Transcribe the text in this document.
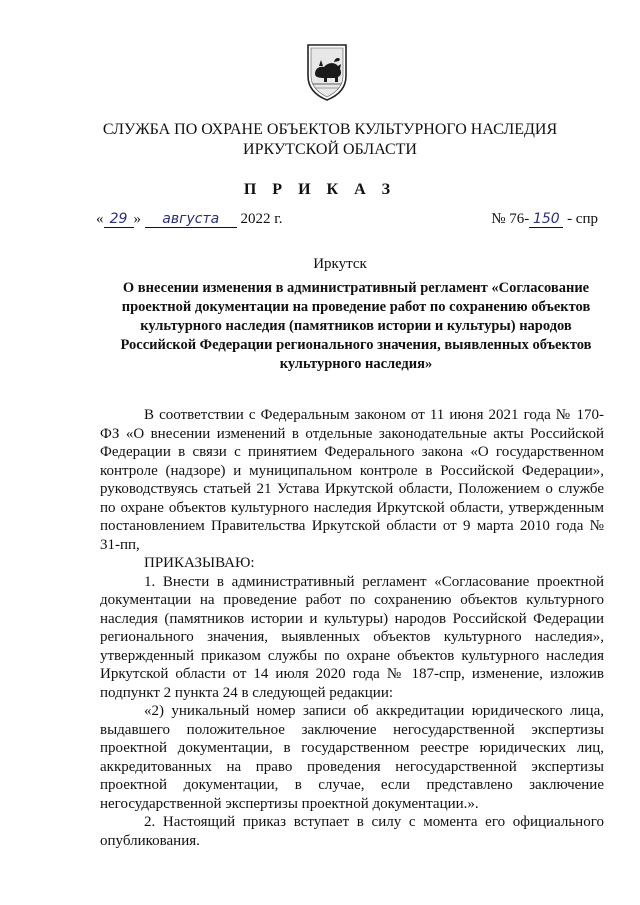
СЛУЖБА ПО ОХРАНЕ ОБЪЕКТОВ КУЛЬТУРНОГО НАСЛЕДИЯ
ИРКУТСКОЙ ОБЛАСТИ
П Р И К А З
« 29 » августа 2022 г.	№ 76- 150 - спр
Иркутск
О внесении изменения в административный регламент «Согласование проектной документации на проведение работ по сохранению объектов культурного наследия (памятников истории и культуры) народов Российской Федерации регионального значения, выявленных объектов культурного наследия»

В соответствии с Федеральным законом от 11 июня 2021 года № 170-ФЗ «О внесении изменений в отдельные законодательные акты Российской Федерации в связи с принятием Федерального закона «О государственном контроле (надзоре) и муниципальном контроле в Российской Федерации», руководствуясь статьей 21 Устава Иркутской области, Положением о службе по охране объектов культурного наследия Иркутской области, утвержденным постановлением Правительства Иркутской области от 9 марта 2010 года № 31-пп,

ПРИКАЗЫВАЮ:

1. Внести в административный регламент «Согласование проектной документации на проведение работ по сохранению объектов культурного наследия (памятников истории и культуры) народов Российской Федерации регионального значения, выявленных объектов культурного наследия», утвержденный приказом службы по охране объектов культурного наследия Иркутской области от 14 июля 2020 года № 187-спр, изменение, изложив подпункт 2 пункта 24 в следующей редакции:

«2) уникальный номер записи об аккредитации юридического лица, выдавшего положительное заключение негосударственной экспертизы проектной документации, в государственном реестре юридических лиц, аккредитованных на право проведения негосударственной экспертизы проектной документации, в случае, если представлено заключение негосударственной экспертизы проектной документации.».

2. Настоящий приказ вступает в силу с момента его официального опубликования.
